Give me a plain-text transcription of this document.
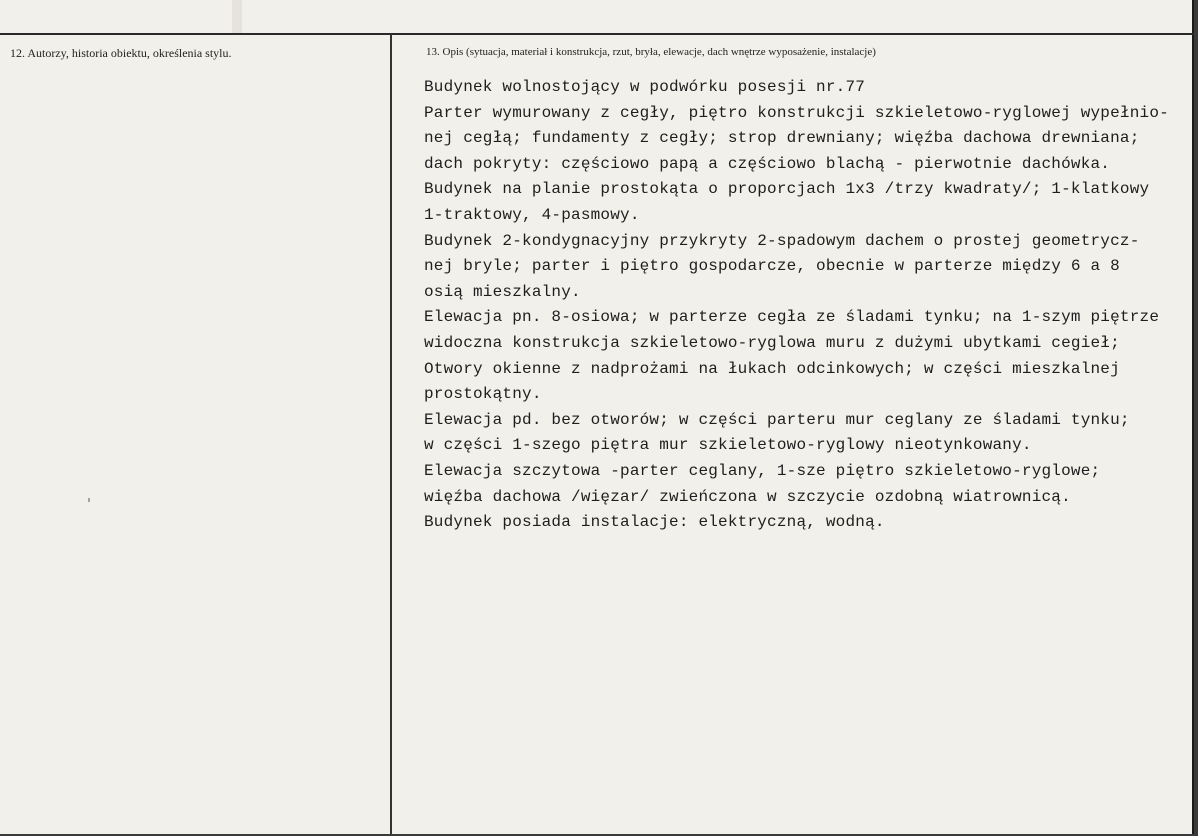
12. Autorzy, historia obiektu, określenia stylu.	13. Opis (sytuacja, materiał i konstrukcja, rzut, bryła, elewacje, dach wnętrze wyposażenie, instalacje)
Budynek wolnostojący w podwórku posesji nr.77
Parter wymurowany z cegły, piętro konstrukcji szkieletowo-ryglowej wypełnio-
nej cegłą; fundamenty z cegły; strop drewniany; więźba dachowa drewniana;
dach pokryty: częściowo papą a częściowo blachą - pierwotnie dachówka.
Budynek na planie prostokąta o proporcjach 1x3 /trzy kwadraty/; 1-klatkowy
1-traktowy, 4-pasmowy.
Budynek 2-kondygnacyjny przykryty 2-spadowym dachem o prostej geometrycz-
nej bryle; parter i piętro gospodarcze, obecnie w parterze między 6 a 8
osią mieszkalny.
Elewacja pn. 8-osiowa; w parterze cegła ze śladami tynku; na 1-szym piętrze
widoczna konstrukcja szkieletowo-ryglowa muru z dużymi ubytkami cegieł;
Otwory okienne z nadprożami na łukach odcinkowych; w części mieszkalnej
prostokątny.
Elewacja pd. bez otworów; w części parteru mur ceglany ze śladami tynku;
w części 1-szego piętra mur szkieletowo-ryglowy nieotynkowany.
Elewacja szczytowa -parter ceglany, 1-sze piętro szkieletowo-ryglowe;
więźba dachowa /więzar/ zwieńczona w szczycie ozdobną wiatrownicą.
Budynek posiada instalacje: elektryczną, wodną.
